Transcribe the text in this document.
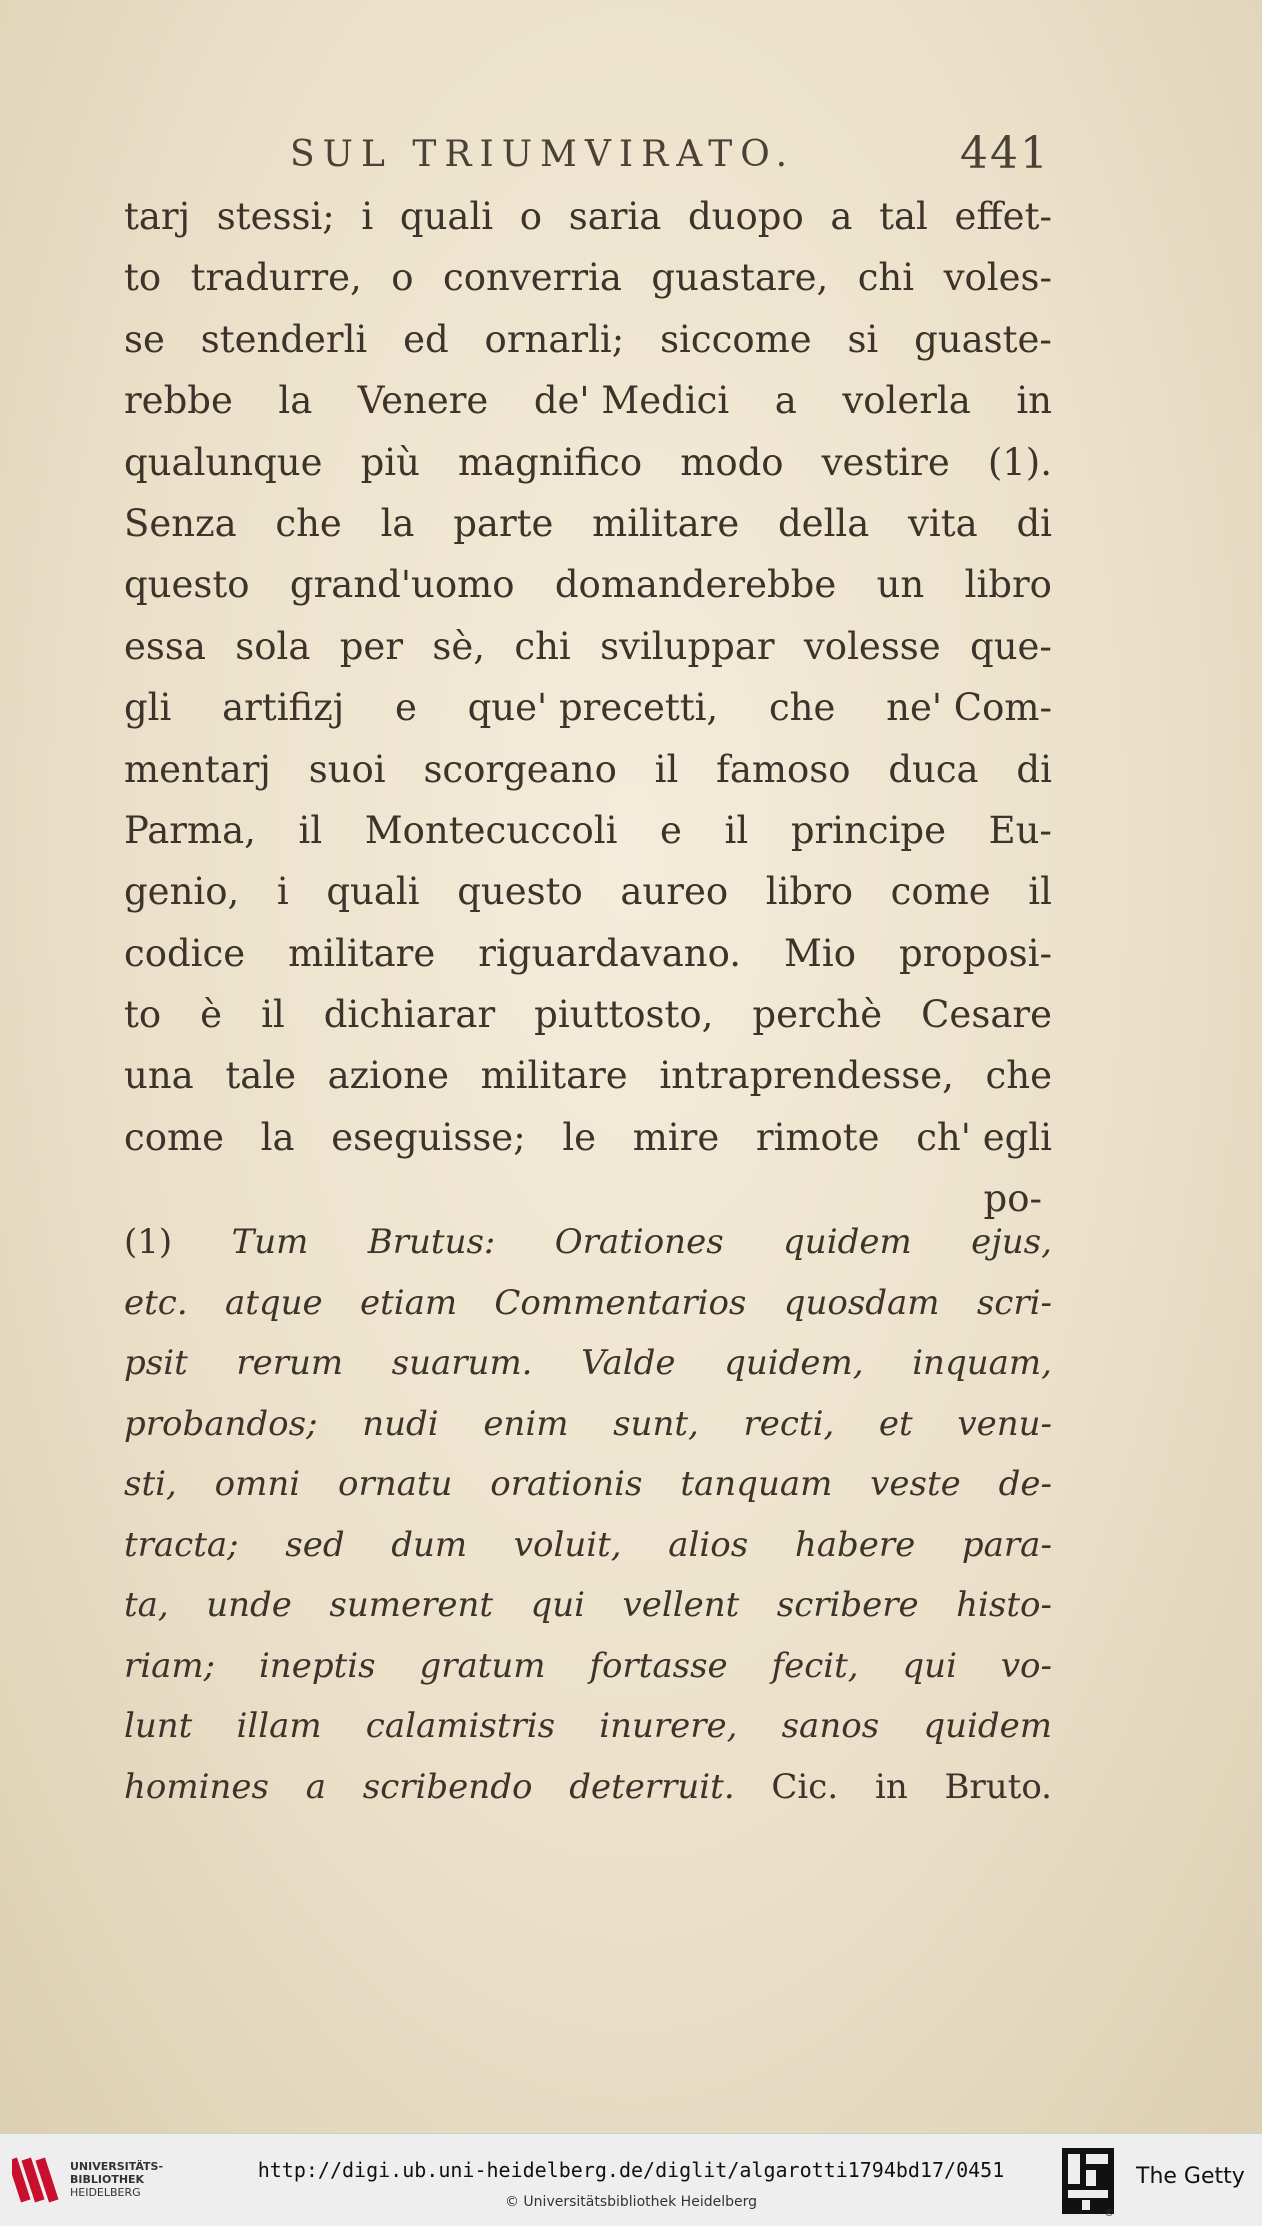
SUL TRIUMVIRATO.	441
tarj stessi; i quali o saria duopo a tal effet-
to tradurre, o converria guastare, chi voles-
se stenderli ed ornarli; siccome si guaste-
rebbe la Venere de' Medici a volerla in
qualunque più magnifico modo vestire (1).
Senza che la parte militare della vita di
questo grand'uomo domanderebbe un libro
essa sola per sè, chi sviluppar volesse que-
gli artifizj e que' precetti, che ne' Com-
mentarj suoi scorgeano il famoso duca di
Parma, il Montecuccoli e il principe Eu-
genio, i quali questo aureo libro come il
codice militare riguardavano. Mio proposi-
to è il dichiarar piuttosto, perchè Cesare
una tale azione militare intraprendesse, che
come la eseguisse; le mire rimote ch' egli
po-
(1) Tum Brutus: Orationes quidem ejus,
etc. atque etiam Commentarios quosdam scri-
psit rerum suarum. Valde quidem, inquam,
probandos; nudi enim sunt, recti, et venu-
sti, omni ornatu orationis tanquam veste de-
tracta; sed dum voluit, alios habere para-
ta, unde sumerent qui vellent scribere histo-
riam; ineptis gratum fortasse fecit, qui vo-
lunt illam calamistris inurere, sanos quidem
homines a scribendo deterruit. Cic. in Bruto.
UNIVERSITÄTS-
BIBLIOTHEK
HEIDELBERG
http://digi.ub.uni-heidelberg.de/diglit/algarotti1794bd17/0451
© Universitätsbibliothek Heidelberg
The Getty
®
